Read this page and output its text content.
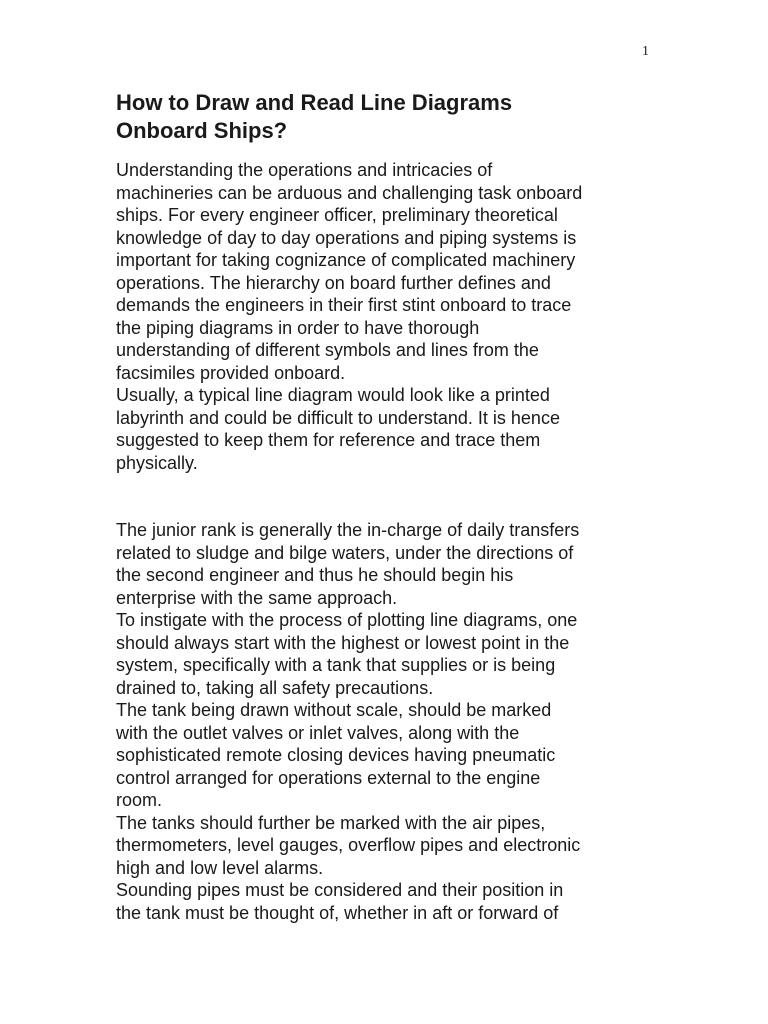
1
How to Draw and Read Line Diagrams
Onboard Ships?

Understanding the operations and intricacies of
machineries can be arduous and challenging task onboard
ships. For every engineer officer, preliminary theoretical
knowledge of day to day operations and piping systems is
important for taking cognizance of complicated machinery
operations. The hierarchy on board further defines and
demands the engineers in their first stint onboard to trace
the piping diagrams in order to have thorough
understanding of different symbols and lines from the
facsimiles provided onboard.

Usually, a typical line diagram would look like a printed
labyrinth and could be difficult to understand. It is hence
suggested to keep them for reference and trace them
physically.

The junior rank is generally the in-charge of daily transfers
related to sludge and bilge waters, under the directions of
the second engineer and thus he should begin his
enterprise with the same approach.

To instigate with the process of plotting line diagrams, one
should always start with the highest or lowest point in the
system, specifically with a tank that supplies or is being
drained to, taking all safety precautions.

The tank being drawn without scale, should be marked
with the outlet valves or inlet valves, along with the
sophisticated remote closing devices having pneumatic
control arranged for operations external to the engine
room.

The tanks should further be marked with the air pipes,
thermometers, level gauges, overflow pipes and electronic
high and low level alarms.

Sounding pipes must be considered and their position in
the tank must be thought of, whether in aft or forward of
